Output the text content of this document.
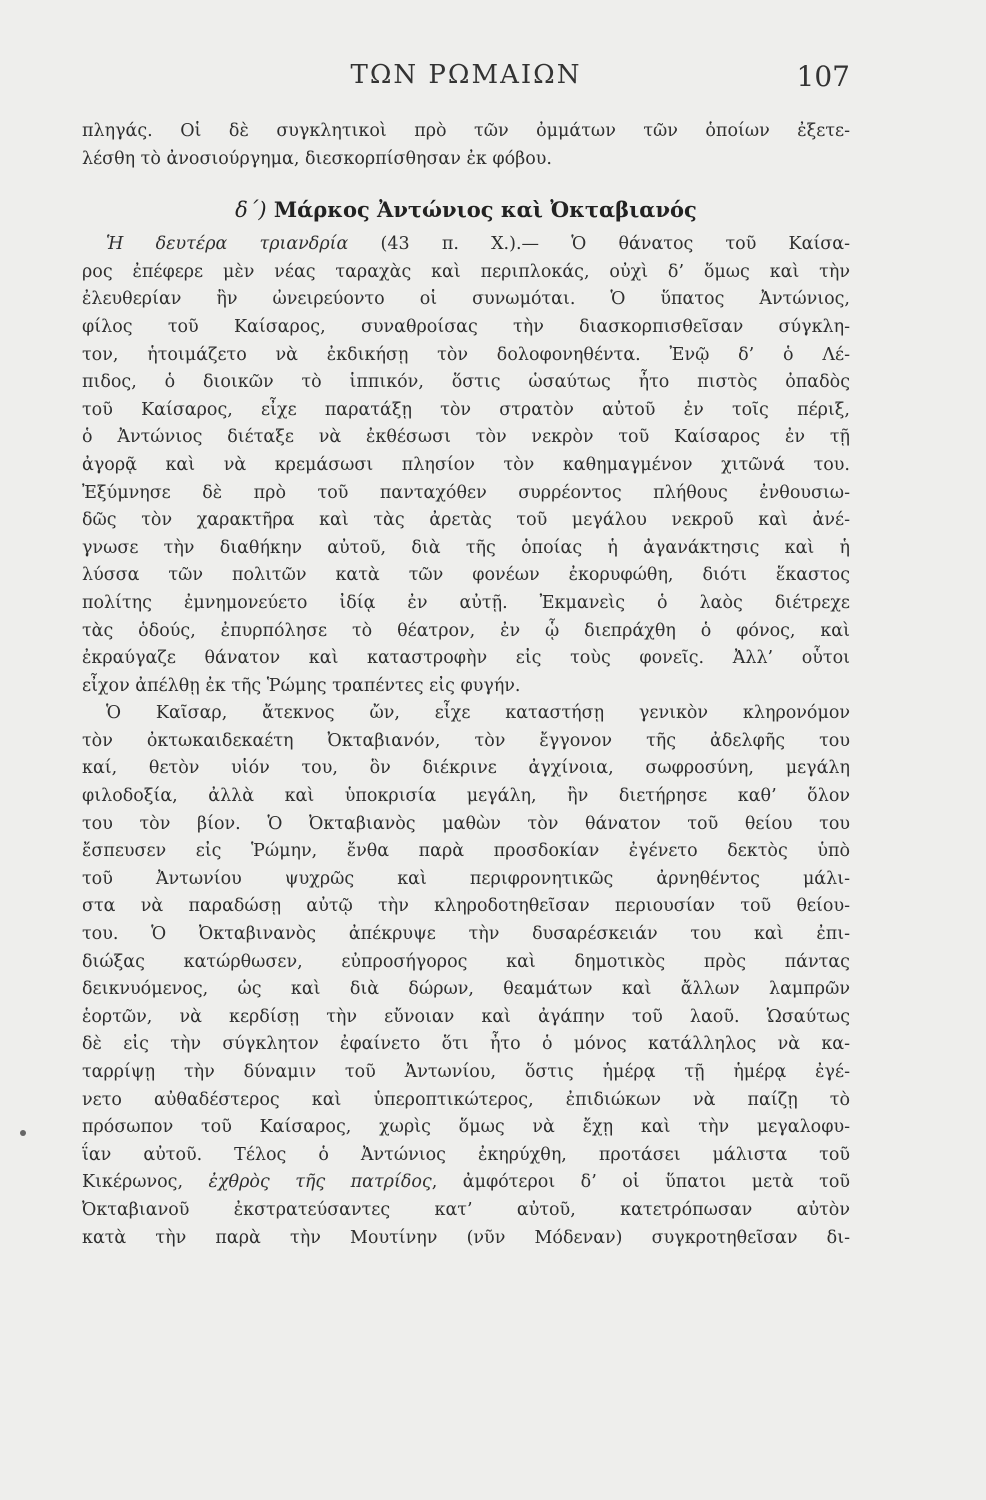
ΤΩΝ ΡΩΜΑΙΩΝ	107
πληγάς. Οἱ δὲ συγκλητικοὶ πρὸ τῶν ὀμμάτων τῶν ὁποίων ἐξετε-
λέσθη τὸ ἀνοσιούργημα, διεσκορπίσθησαν ἐκ φόβου.
δ΄) Μάρκος Ἀντώνιος καὶ Ὀκταβιανός
Ἡ δευτέρα τριανδρία (43 π. Χ.).— Ὁ θάνατος τοῦ Καίσα-
ρος ἐπέφερε μὲν νέας ταραχὰς καὶ περιπλοκάς, οὐχὶ δ’ ὅμως καὶ τὴν
ἐλευθερίαν ἣν ὠνειρεύοντο οἱ συνωμόται. Ὁ ὕπατος Ἀντώνιος,
φίλος τοῦ Καίσαρος, συναθροίσας τὴν διασκορπισθεῖσαν σύγκλη-
τον, ἡτοιμάζετο νὰ ἐκδικήσῃ τὸν δολοφονηθέντα. Ἐνῷ δ’ ὁ Λέ-
πιδος, ὁ διοικῶν τὸ ἱππικόν, ὅστις ὡσαύτως ἦτο πιστὸς ὀπαδὸς
τοῦ Καίσαρος, εἶχε παρατάξῃ τὸν στρατὸν αὐτοῦ ἐν τοῖς πέριξ,
ὁ Ἀντώνιος διέταξε νὰ ἐκθέσωσι τὸν νεκρὸν τοῦ Καίσαρος ἐν τῇ
ἀγορᾷ καὶ νὰ κρεμάσωσι πλησίον τὸν καθημαγμένον χιτῶνά του.
Ἐξύμνησε δὲ πρὸ τοῦ πανταχόθεν συρρέοντος πλήθους ἐνθουσιω-
δῶς τὸν χαρακτῆρα καὶ τὰς ἀρετὰς τοῦ μεγάλου νεκροῦ καὶ ἀνέ-
γνωσε τὴν διαθήκην αὐτοῦ, διὰ τῆς ὁποίας ἡ ἀγανάκτησις καὶ ἡ
λύσσα τῶν πολιτῶν κατὰ τῶν φονέων ἐκορυφώθη, διότι ἕκαστος
πολίτης ἐμνημονεύετο ἰδίᾳ ἐν αὐτῇ. Ἐκμανεὶς ὁ λαὸς διέτρεχε
τὰς ὁδούς, ἐπυρπόλησε τὸ θέατρον, ἐν ᾧ διεπράχθη ὁ φόνος, καὶ
ἐκραύγαζε θάνατον καὶ καταστροφὴν εἰς τοὺς φονεῖς. Ἀλλ’ οὗτοι
εἶχον ἀπέλθῃ ἐκ τῆς Ῥώμης τραπέντες εἰς φυγήν.
Ὁ Καῖσαρ, ἄτεκνος ὤν, εἶχε καταστήσῃ γενικὸν κληρονόμον
τὸν ὀκτωκαιδεκαέτη Ὀκταβιανόν, τὸν ἔγγονον τῆς ἀδελφῆς του
καί, θετὸν υἱόν του, ὃν διέκρινε ἀγχίνοια, σωφροσύνη, μεγάλη
φιλοδοξία, ἀλλὰ καὶ ὑποκρισία μεγάλη, ἣν διετήρησε καθ’ ὅλον
του τὸν βίον. Ὁ Ὀκταβιανὸς μαθὼν τὸν θάνατον τοῦ θείου του
ἔσπευσεν εἰς Ῥώμην, ἔνθα παρὰ προσδοκίαν ἐγένετο δεκτὸς ὑπὸ
τοῦ Ἀντωνίου ψυχρῶς καὶ περιφρονητικῶς ἀρνηθέντος μάλι-
στα νὰ παραδώσῃ αὐτῷ τὴν κληροδοτηθεῖσαν περιουσίαν τοῦ θείου-
του. Ὁ Ὀκταβινανὸς ἀπέκρυψε τὴν δυσαρέσκειάν του καὶ ἐπι-
διώξας κατώρθωσεν, εὐπροσήγορος καὶ δημοτικὸς πρὸς πάντας
δεικνυόμενος, ὡς καὶ διὰ δώρων, θεαμάτων καὶ ἄλλων λαμπρῶν
ἑορτῶν, νὰ κερδίσῃ τὴν εὔνοιαν καὶ ἀγάπην τοῦ λαοῦ. Ὡσαύτως
δὲ εἰς τὴν σύγκλητον ἐφαίνετο ὅτι ἦτο ὁ μόνος κατάλληλος νὰ κα-
ταρρίψῃ τὴν δύναμιν τοῦ Ἀντωνίου, ὅστις ἡμέρᾳ τῇ ἡμέρᾳ ἐγέ-
νετο αὐθαδέστερος καὶ ὑπεροπτικώτερος, ἐπιδιώκων νὰ παίζῃ τὸ
πρόσωπον τοῦ Καίσαρος, χωρὶς ὅμως νὰ ἔχῃ καὶ τὴν μεγαλοφυ-
ΐαν αὐτοῦ. Τέλος ὁ Ἀντώνιος ἐκηρύχθη, προτάσει μάλιστα τοῦ
Κικέρωνος, ἐχθρὸς τῆς πατρίδος, ἀμφότεροι δ’ οἱ ὕπατοι μετὰ τοῦ
Ὀκταβιανοῦ ἐκστρατεύσαντες κατ’ αὐτοῦ, κατετρόπωσαν αὐτὸν
κατὰ τὴν παρὰ τὴν Μουτίνην (νῦν Μόδεναν) συγκροτηθεῖσαν δι-
